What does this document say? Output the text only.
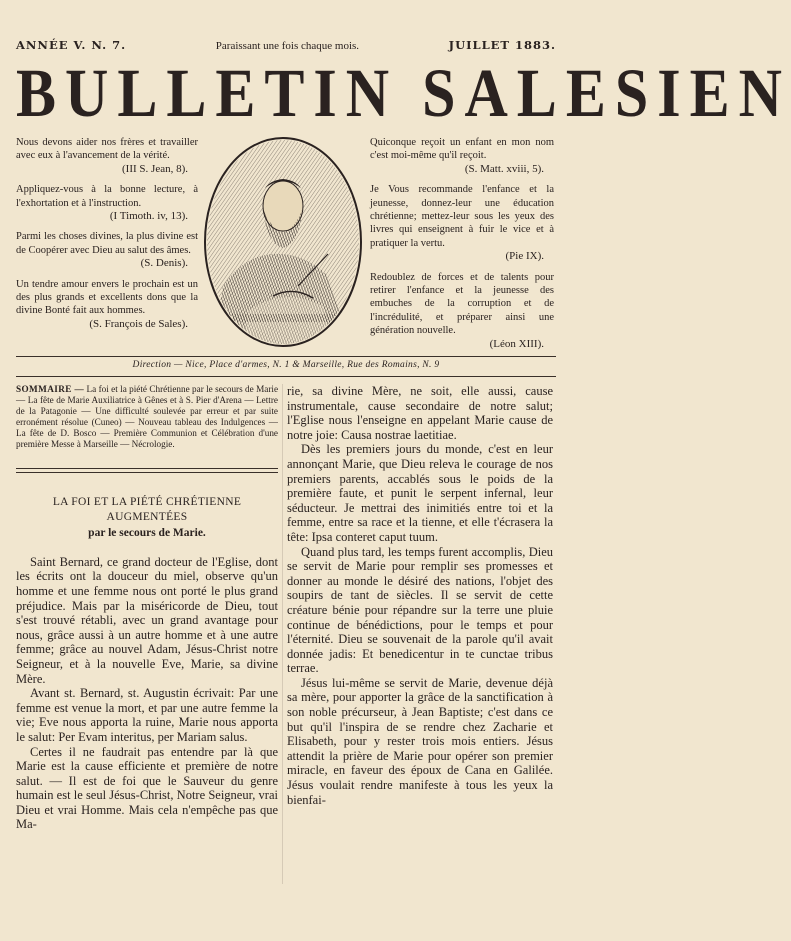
ANNÉE V. N. 7.	Paraissant une fois chaque mois.	JUILLET 1883.
BULLETIN SALESIEN
Nous devons aider nos frères et travailler avec eux à l'avancement de la vérité.
(III S. Jean, 8).
Appliquez-vous à la bonne lecture, à l'exhortation et à l'instruction.
(I Timoth. iv, 13).
Parmi les choses divines, la plus divine est de Coopérer avec Dieu au salut des âmes.
(S. Denis).
Un tendre amour envers le prochain est un des plus grands et excellents dons que la divine Bonté fait aux hommes.
(S. François de Sales).
Quiconque reçoit un enfant en mon nom c'est moi-même qu'il reçoit.
(S. Matt. xviii, 5).
Je Vous recommande l'enfance et la jeunesse, donnez-leur une éducation chrétienne; mettez-leur sous les yeux des livres qui enseignent à fuir le vice et à pratiquer la vertu.
(Pie IX).
Redoublez de forces et de talents pour retirer l'enfance et la jeunesse des embuches de la corruption et de l'incrédulité, et préparer ainsi une génération nouvelle.
(Léon XIII).
Direction — Nice, Place d'armes, N. 1 & Marseille, Rue des Romains, N. 9
SOMMAIRE — La foi et la piété Chrétienne par le secours de Marie — La fête de Marie Auxiliatrice à Gênes et à S. Pier d'Arena — Lettre de la Patagonie — Une difficulté soulevée par erreur et par suite erronément résolue (Cuneo) — Nouveau tableau des Indulgences — La fête de D. Bosco — Première Communion et Célébration d'une première Messe à Marseille — Nécrologie.
LA FOI ET LA PIÉTÉ CHRÉTIENNE AUGMENTÉES
par le secours de Marie.

Saint Bernard, ce grand docteur de l'Eglise, dont les écrits ont la douceur du miel, observe qu'un homme et une femme nous ont porté le plus grand préjudice. Mais par la miséricorde de Dieu, tout s'est trouvé rétabli, avec un grand avantage pour nous, grâce aussi à un autre homme et à une autre femme; grâce au nouvel Adam, Jésus-Christ notre Seigneur, et à la nouvelle Eve, Marie, sa divine Mère.

Avant st. Bernard, st. Augustin écrivait: Par une femme est venue la mort, et par une autre femme la vie; Eve nous apporta la ruine, Marie nous apporta le salut: Per Evam interitus, per Mariam salus.

Certes il ne faudrait pas entendre par là que Marie est la cause efficiente et première de notre salut. — Il est de foi que le Sauveur du genre humain est le seul Jésus-Christ, Notre Seigneur, vrai Dieu et vrai Homme. Mais cela n'empêche pas que Ma-

rie, sa divine Mère, ne soit, elle aussi, cause instrumentale, cause secondaire de notre salut; l'Eglise nous l'enseigne en appelant Marie cause de notre joie: Causa nostrae laetitiae.

Dès les premiers jours du monde, c'est en leur annonçant Marie, que Dieu releva le courage de nos premiers parents, accablés sous le poids de la première faute, et punit le serpent infernal, leur séducteur. Je mettrai des inimitiés entre toi et la femme, entre sa race et la tienne, et elle t'écrasera la tête: Ipsa conteret caput tuum.

Quand plus tard, les temps furent accomplis, Dieu se servit de Marie pour remplir ses promesses et donner au monde le désiré des nations, l'objet des soupirs de tant de siècles. Il se servit de cette créature bénie pour répandre sur la terre une pluie continue de bénédictions, pour le temps et pour l'éternité. Dieu se souvenait de la parole qu'il avait donnée jadis: Et benedicentur in te cunctae tribus terrae.

Jésus lui-même se servit de Marie, devenue déjà sa mère, pour apporter la grâce de la sanctification à son noble précurseur, à Jean Baptiste; c'est dans ce but qu'il l'inspira de se rendre chez Zacharie et Elisabeth, pour y rester trois mois entiers. Jésus attendit la prière de Marie pour opérer son premier miracle, en faveur des époux de Cana en Galilée. Jésus voulait rendre manifeste à tous les yeux la bienfai-
